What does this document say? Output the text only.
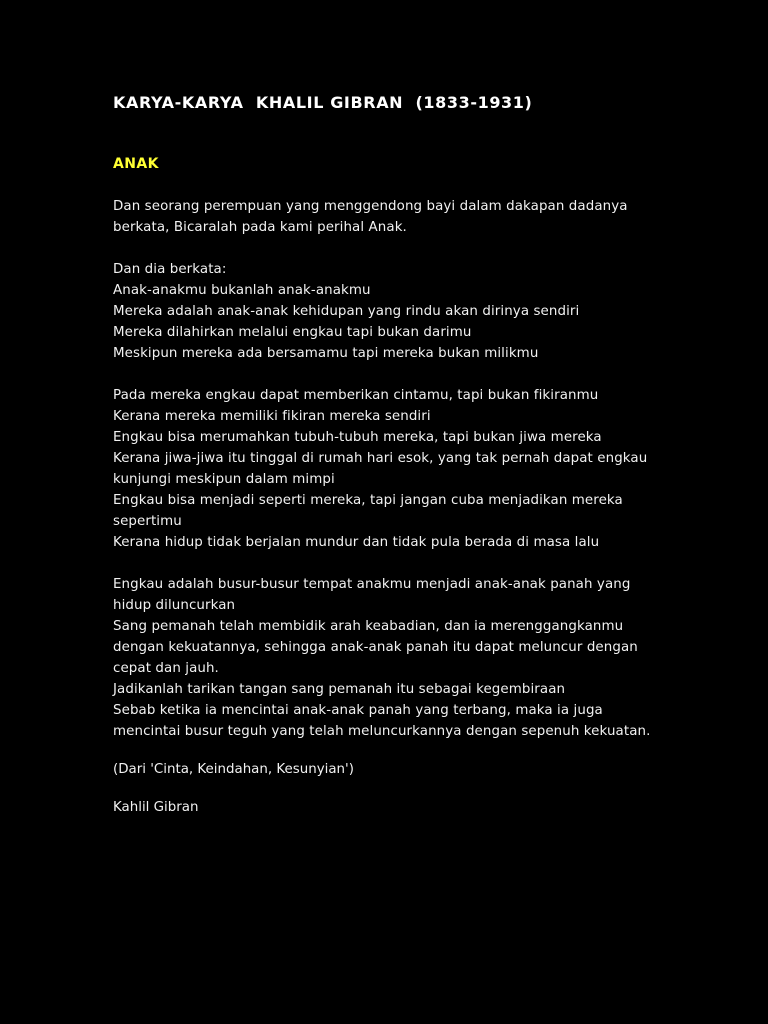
KARYA-KARYA  KHALIL GIBRAN  (1833-1931)
ANAK
Dan seorang perempuan yang menggendong bayi dalam dakapan dadanya
berkata, Bicaralah pada kami perihal Anak.
Dan dia berkata:
Anak-anakmu bukanlah anak-anakmu
Mereka adalah anak-anak kehidupan yang rindu akan dirinya sendiri
Mereka dilahirkan melalui engkau tapi bukan darimu
Meskipun mereka ada bersamamu tapi mereka bukan milikmu
Pada mereka engkau dapat memberikan cintamu, tapi bukan fikiranmu
Kerana mereka memiliki fikiran mereka sendiri
Engkau bisa merumahkan tubuh-tubuh mereka, tapi bukan jiwa mereka
Kerana jiwa-jiwa itu tinggal di rumah hari esok, yang tak pernah dapat engkau
kunjungi meskipun dalam mimpi
Engkau bisa menjadi seperti mereka, tapi jangan cuba menjadikan mereka
sepertimu
Kerana hidup tidak berjalan mundur dan tidak pula berada di masa lalu
Engkau adalah busur-busur tempat anakmu menjadi anak-anak panah yang
hidup diluncurkan
Sang pemanah telah membidik arah keabadian, dan ia merenggangkanmu
dengan kekuatannya, sehingga anak-anak panah itu dapat meluncur dengan
cepat dan jauh.
Jadikanlah tarikan tangan sang pemanah itu sebagai kegembiraan
Sebab ketika ia mencintai anak-anak panah yang terbang, maka ia juga
mencintai busur teguh yang telah meluncurkannya dengan sepenuh kekuatan.
(Dari 'Cinta, Keindahan, Kesunyian')
Kahlil Gibran
